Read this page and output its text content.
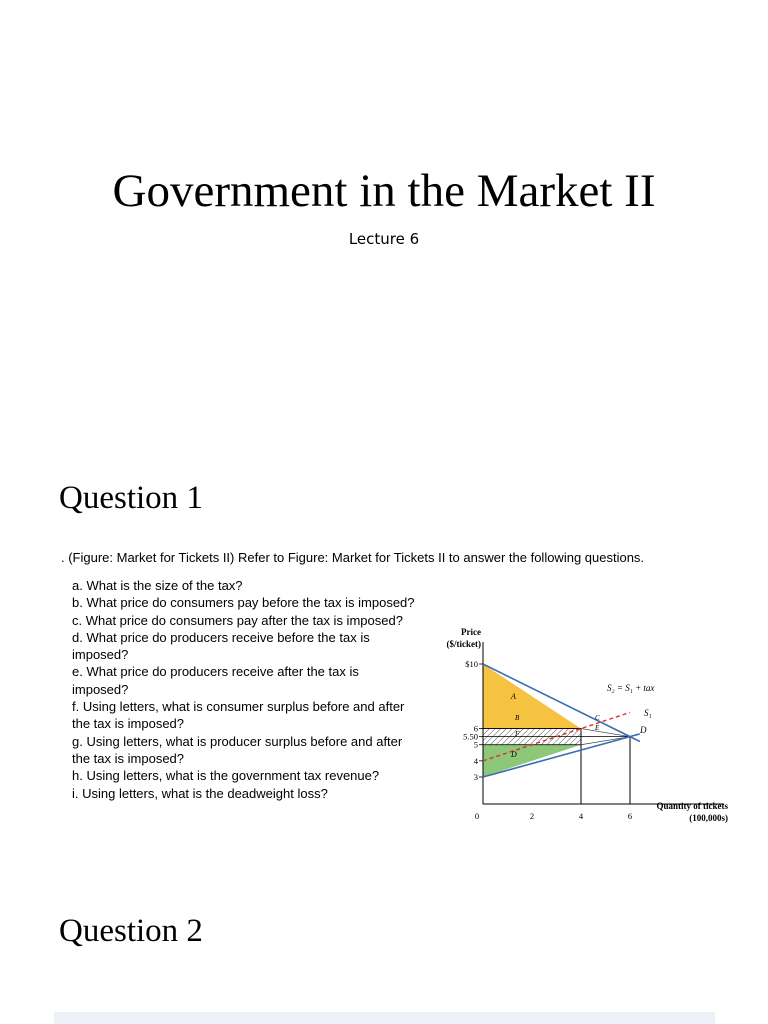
Government in the Market II
Lecture 6
Question 1
. (Figure: Market for Tickets II) Refer to Figure: Market for Tickets II to answer the following questions.
a. What is the size of the tax?
b. What price do consumers pay before the tax is imposed?
c. What price do consumers pay after the tax is imposed?
d. What price do producers receive before the tax is imposed?
e. What price do producers receive after the tax is imposed?
f. Using letters, what is consumer surplus before and after the tax is imposed?
g. Using letters, what is producer surplus before and after the tax is imposed?
h. Using letters, what is the government tax revenue?
i. Using letters, what is the deadweight loss?
$10
6
5.50
5
4
3
0	2	4	6
Price
($/ticket)
Quantity of tickets
(100,000s)
D
S₁
S₂ = S₁ + tax
A
B	C
D
E
F
Question 2
